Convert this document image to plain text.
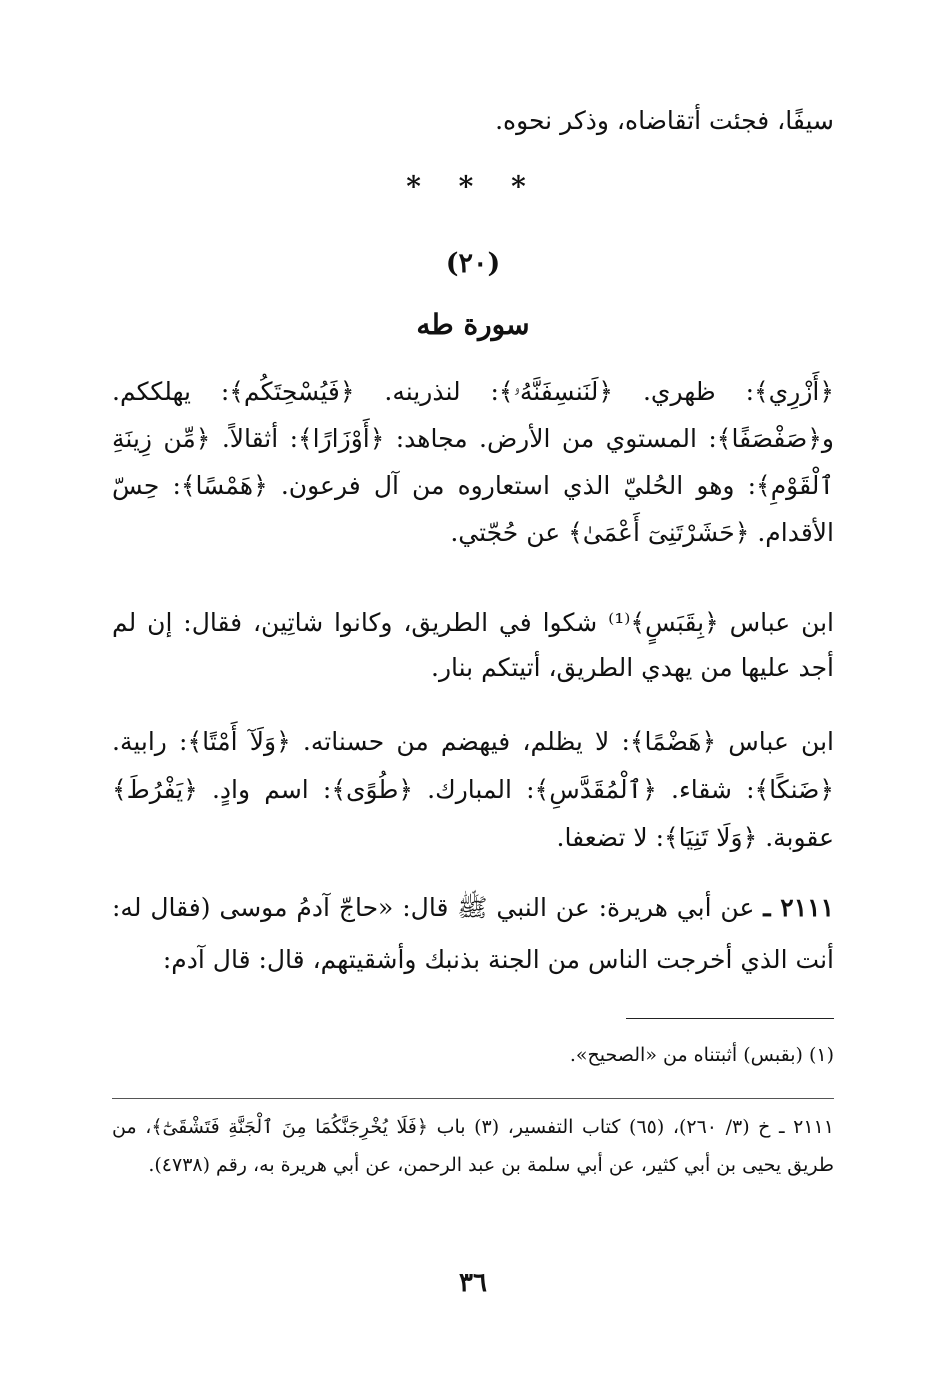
سيفًا، فجئت أتقاضاه، وذكر نحوه.

* * *

(٢٠)

سورة طه

﴿أَزْرِي﴾: ظهري. ﴿لَنَنسِفَنَّهُۥ﴾: لنذرينه. ﴿فَيُسْحِتَكُم﴾: يهلككم. و﴿صَفْصَفًا﴾: المستوي من الأرض. مجاهد: ﴿أَوْزَارًا﴾: أثقالاً. ﴿مِّن زِينَةِ ٱلْقَوْمِ﴾: وهو الحُليّ الذي استعاروه من آل فرعون. ﴿هَمْسًا﴾: حِسّ الأقدام. ﴿حَشَرْتَنِىٓ أَعْمَىٰ﴾ عن حُجّتي.

ابن عباس ﴿بِقَبَسٍ﴾⁽¹⁾ شكوا في الطريق، وكانوا شاتِين، فقال: إن لم أجد عليها من يهدي الطريق، أتيتكم بنار.

ابن عباس ﴿هَضْمًا﴾: لا يظلم، فيهضم من حسناته. ﴿وَلَآ أَمْتًا﴾: رابية. ﴿ضَنكًا﴾: شقاء. ﴿ٱلْمُقَدَّسِ﴾: المبارك. ﴿طُوًى﴾: اسم وادٍ. ﴿يَفْرُطَ﴾ عقوبة. ﴿وَلَا تَنِيَا﴾: لا تضعفا.

٢١١١ ـ عن أبي هريرة: عن النبي ﷺ قال: «حاجّ آدمُ موسى (فقال له: أنت الذي أخرجت الناس من الجنة بذنبك وأشقيتهم، قال: قال آدم:

(١) (بقبس) أثبتناه من «الصحيح».

٢١١١ ـ خ (٣/ ٢٦٠)، (٦٥) كتاب التفسير، (٣) باب ﴿فَلَا يُخْرِجَنَّكُمَا مِنَ ٱلْجَنَّةِ فَتَشْقَىٰٓ﴾، من طريق يحيى بن أبي كثير، عن أبي سلمة بن عبد الرحمن، عن أبي هريرة به، رقم (٤٧٣٨).

٣٦
